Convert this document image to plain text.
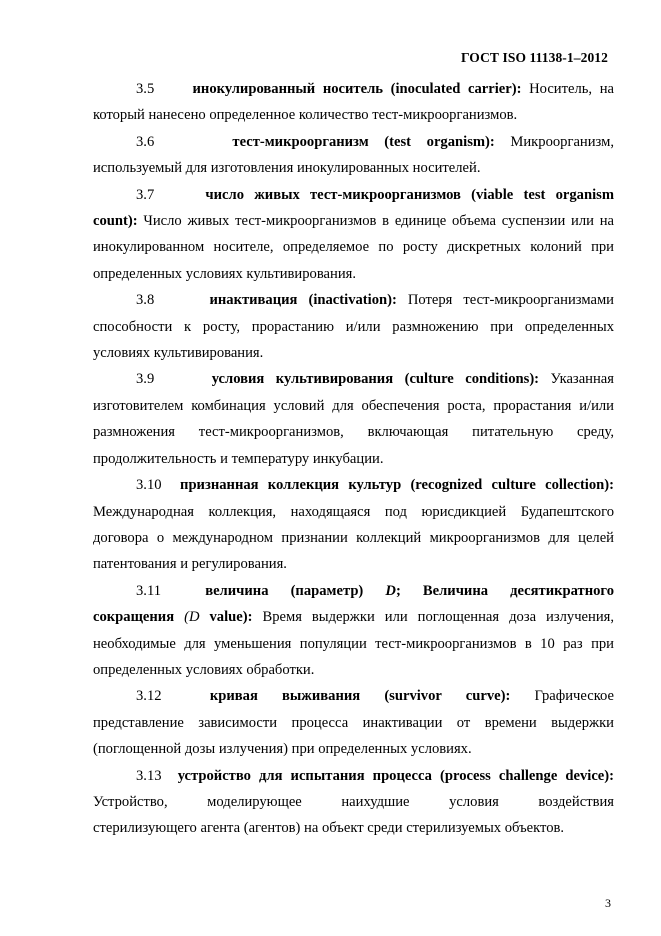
ГОСТ ISO 11138-1–2012

3.5	инокулированный носитель (inoculated carrier): Носитель, на
который нанесено определенное количество тест-микроорганизмов.

3.6	тест-микроорганизм (test organism): Микроорганизм,
используемый для изготовления инокулированных носителей.

3.7	число живых тест-микроорганизмов (viable test organism
count): Число живых тест-микроорганизмов в единице объема суспензии или на инокулированном носителе, определяемое по росту дискретных колоний при определенных условиях культивирования.

3.8	инактивация (inactivation): Потеря тест-микроорганизмами
способности к росту, прорастанию и/или размножению при определенных условиях культивирования.

3.9	условия культивирования (culture conditions): Указанная
изготовителем комбинация условий для обеспечения роста, прорастания и/или размножения тест-микроорганизмов, включающая питательную среду, продолжительность и температуру инкубации.

3.10 признанная коллекция культур (recognized culture collection):
Международная коллекция, находящаяся под юрисдикцией Будапештского договора о международном признании коллекций микроорганизмов для целей патентования и регулирования.

3.11	величина (параметр) D; Величина десятикратного
сокращения (D value): Время выдержки или поглощенная доза излучения, необходимые для уменьшения популяции тест-микроорганизмов в 10 раз при определенных условиях обработки.

3.12	кривая выживания (survivor curve): Графическое
представление зависимости процесса инактивации от времени выдержки (поглощенной дозы излучения) при определенных условиях.

3.13 устройство для испытания процесса (process challenge device):
Устройство, моделирующее наихудшие условия воздействия
стерилизующего агента (агентов) на объект среди стерилизуемых объектов.

3
